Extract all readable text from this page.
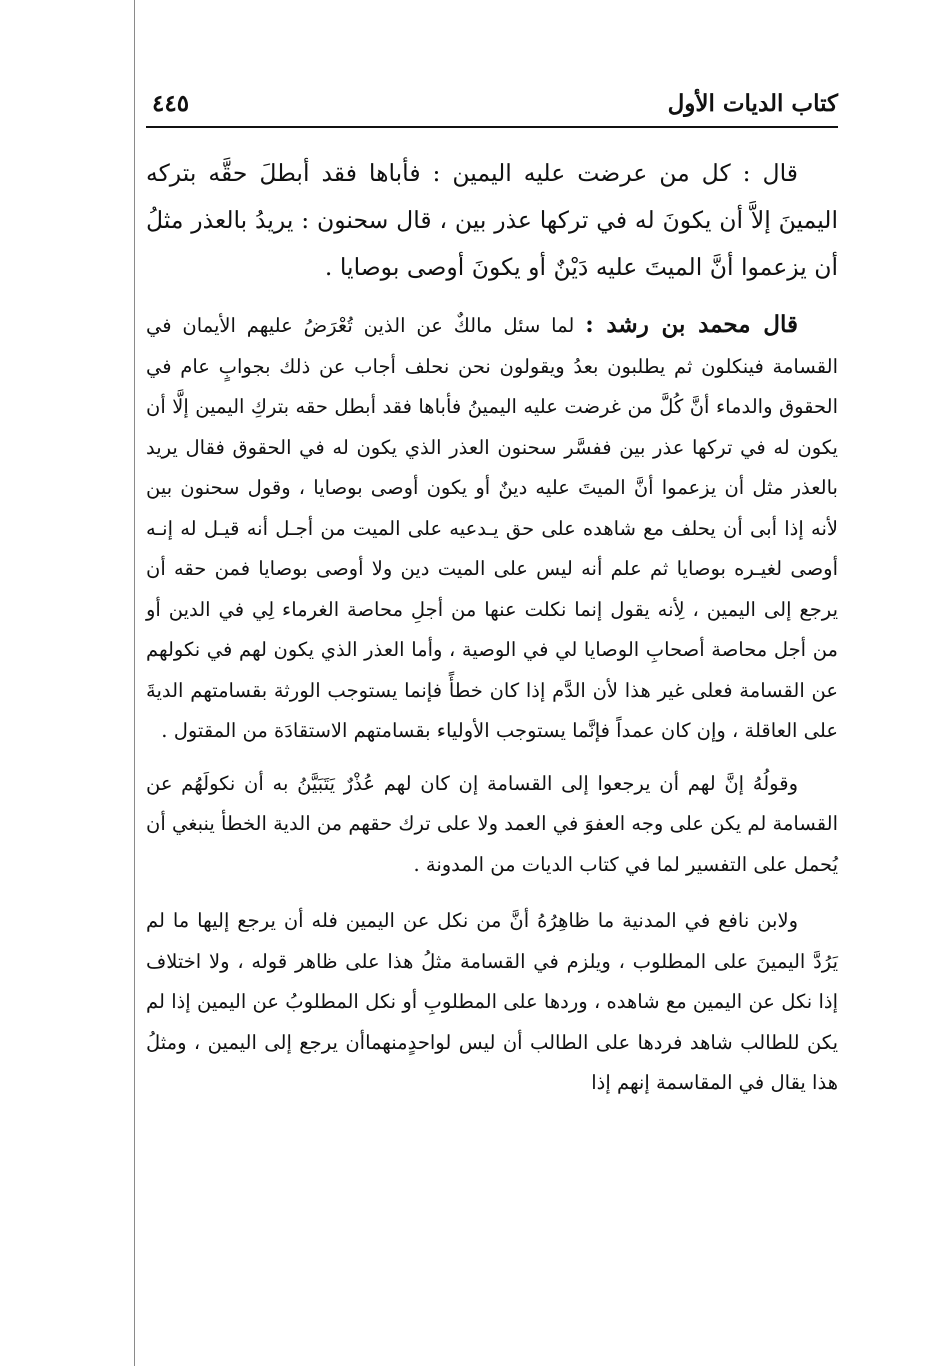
كتاب الديات الأول
٤٤٥

قال : كل من عرضت عليه اليمين : فأباها فقد أبطلَ حقَّه بتركه اليمينَ إلاَّ أن يكونَ له في تركها عذر بين ، قال سحنون : يريدُ بالعذر مثلُ أن يزعموا أنَّ الميتَ عليه دَيْنٌ أو يكونَ أوصى بوصايا .

قال محمد بن رشد : لما سئل مالكٌ عن الذين تُعْرَضُ عليهم الأيمان في القسامة فينكلون ثم يطلبون بعدُ ويقولون نحن نحلف أجاب عن ذلك بجوابٍ عام في الحقوق والدماء أنَّ كُلَّ من غرضت عليه اليمينُ فأباها فقد أبطل حقه بتركِ اليمين إلَّا أن يكون له في تركها عذر بين ففسَّر سحنون العذر الذي يكون له في الحقوق فقال يريد بالعذر مثل أن يزعموا أنَّ الميتَ عليه دينٌ أو يكون أوصى بوصايا ، وقول سحنون بين لأنه إذا أبى أن يحلف مع شاهده على حق يـدعيه على الميت من أجـل أنه قيـل له إنـه أوصى لغيـره بوصايا ثم علم أنه ليس على الميت دين ولا أوصى بوصايا فمن حقه أن يرجع إلى اليمين ، لِأنه يقول إنما نكلت عنها من أجلِ محاصة الغرماء لِي في الدين أو من أجل محاصة أصحابِ الوصايا لي في الوصية ، وأما العذر الذي يكون لهم في نكولهم عن القسامة فعلى غير هذا لأن الدَّم إذا كان خطأً فإنما يستوجب الورثة بقسامتهم الديةَ على العاقلة ، وإن كان عمداً فإنَّما يستوجب الأولياء بقسامتهم الاستقادَة من المقتول .

وقولُهُ إنَّ لهم أن يرجعوا إلى القسامة إن كان لهم عُذْرٌ يَتَبَيَّنُ به أن نكولَهُم عن القسامة لم يكن على وجه العفوَ في العمد ولا على ترك حقهم من الدية الخطأ ينبغي أن يُحمل على التفسير لما في كتاب الديات من المدونة .

ولابن نافع في المدنية ما ظاهِرُهُ أنَّ من نكل عن اليمين فله أن يرجع إليها ما لم يَرُدَّ اليمينَ على المطلوب ، ويلزم في القسامة مثلُ هذا على ظاهر قوله ، ولا اختلاف إذا نكل عن اليمين مع شاهده ، وردها على المطلوبِ أو نكل المطلوبُ عن اليمين إذا لم يكن للطالب شاهد فردها على الطالب أن ليس لواحدٍمنهماأن يرجع إلى اليمين ، ومثلُ هذا يقال في المقاسمة إنهم إذا
